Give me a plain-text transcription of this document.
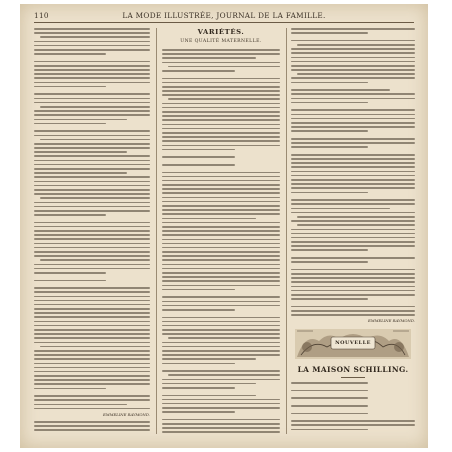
110	LA MODE ILLUSTRÉE, JOURNAL DE LA FAMILLE.
EMMELINE RAYMOND.
VARIÉTÉS.
UNE QUALITÉ MATERNELLE.
EMMELINE RAYMOND.
NOUVELLE
LA MAISON SCHILLING.
